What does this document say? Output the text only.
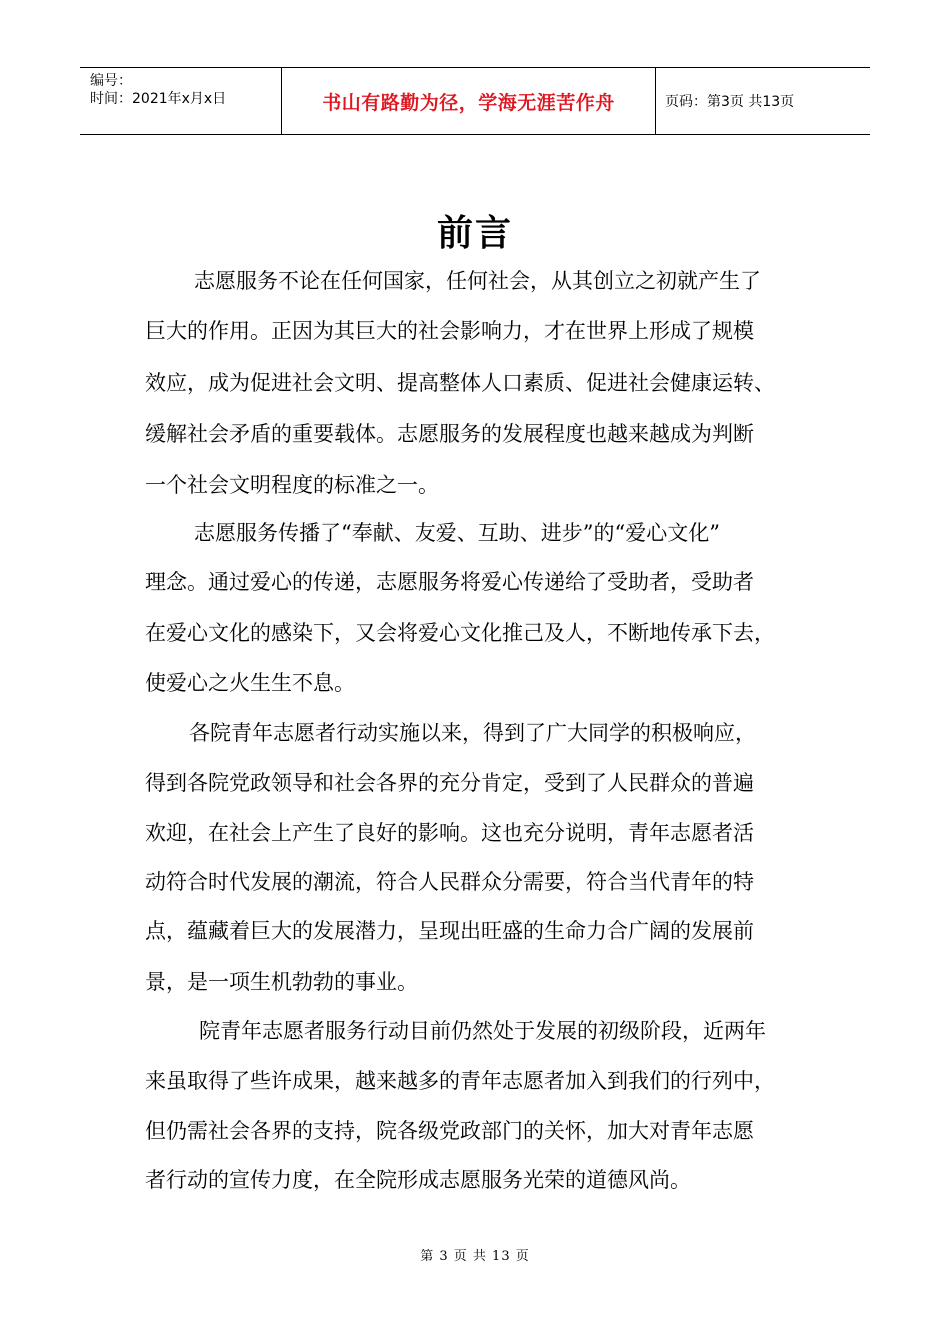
编号：
时间：2021年x月x日	书山有路勤为径，学海无涯苦作舟	页码：第3页 共13页
前言
志愿服务不论在任何国家，任何社会，从其创立之初就产生了
巨大的作用。正因为其巨大的社会影响力，才在世界上形成了规模
效应，成为促进社会文明、提高整体人口素质、促进社会健康运转、
缓解社会矛盾的重要载体。志愿服务的发展程度也越来越成为判断
一个社会文明程度的标准之一。
志愿服务传播了“奉献、友爱、互助、进步”的“爱心文化”
理念。通过爱心的传递，志愿服务将爱心传递给了受助者，受助者
在爱心文化的感染下，又会将爱心文化推己及人，不断地传承下去，
使爱心之火生生不息。
各院青年志愿者行动实施以来，得到了广大同学的积极响应，
得到各院党政领导和社会各界的充分肯定，受到了人民群众的普遍
欢迎，在社会上产生了良好的影响。这也充分说明，青年志愿者活
动符合时代发展的潮流，符合人民群众分需要，符合当代青年的特
点，蕴藏着巨大的发展潜力，呈现出旺盛的生命力合广阔的发展前
景，是一项生机勃勃的事业。
院青年志愿者服务行动目前仍然处于发展的初级阶段，近两年
来虽取得了些许成果，越来越多的青年志愿者加入到我们的行列中，
但仍需社会各界的支持，院各级党政部门的关怀，加大对青年志愿
者行动的宣传力度，在全院形成志愿服务光荣的道德风尚。
第 3 页 共 13 页
